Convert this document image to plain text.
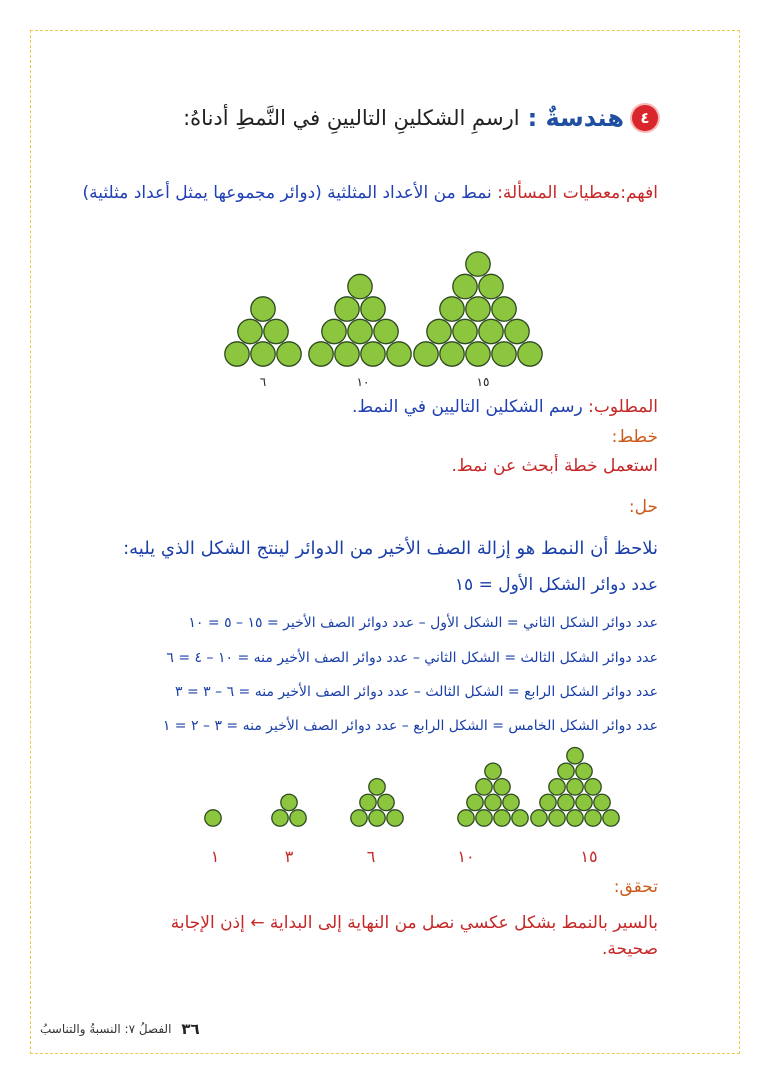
٤
هندسةٌ :
ارسمِ الشكلينِ التاليينِ في النَّمطِ أدناهُ:
افهم:معطيات المسألة: نمط من الأعداد المثلثية (دوائر مجموعها يمثل أعداد مثلثية)
٦	١٠	١٥
١	٣	٦	١٠	١٥
المطلوب: رسم الشكلين التاليين في النمط.
خطط:
استعمل خطة أبحث عن نمط.
حل:
نلاحظ أن النمط هو إزالة الصف الأخير من الدوائر لينتج الشكل الذي يليه:
عدد دوائر الشكل الأول = ١٥
عدد دوائر الشكل الثاني = الشكل الأول – عدد دوائر الصف الأخير = ١٥ – ٥ = ١٠
عدد دوائر الشكل الثالث = الشكل الثاني – عدد دوائر الصف الأخير منه = ١٠ – ٤ = ٦
عدد دوائر الشكل الرابع = الشكل الثالث – عدد دوائر الصف الأخير منه = ٦ – ٣ = ٣
عدد دوائر الشكل الخامس = الشكل الرابع – عدد دوائر الصف الأخير منه = ٣ – ٢ = ١
تحقق:
بالسير بالنمط بشكل عكسي نصل من النهاية إلى البداية ← إذن الإجابة صحيحة.
٣٦
الفصلُ ٧: النسبةُ والتناسبُ
